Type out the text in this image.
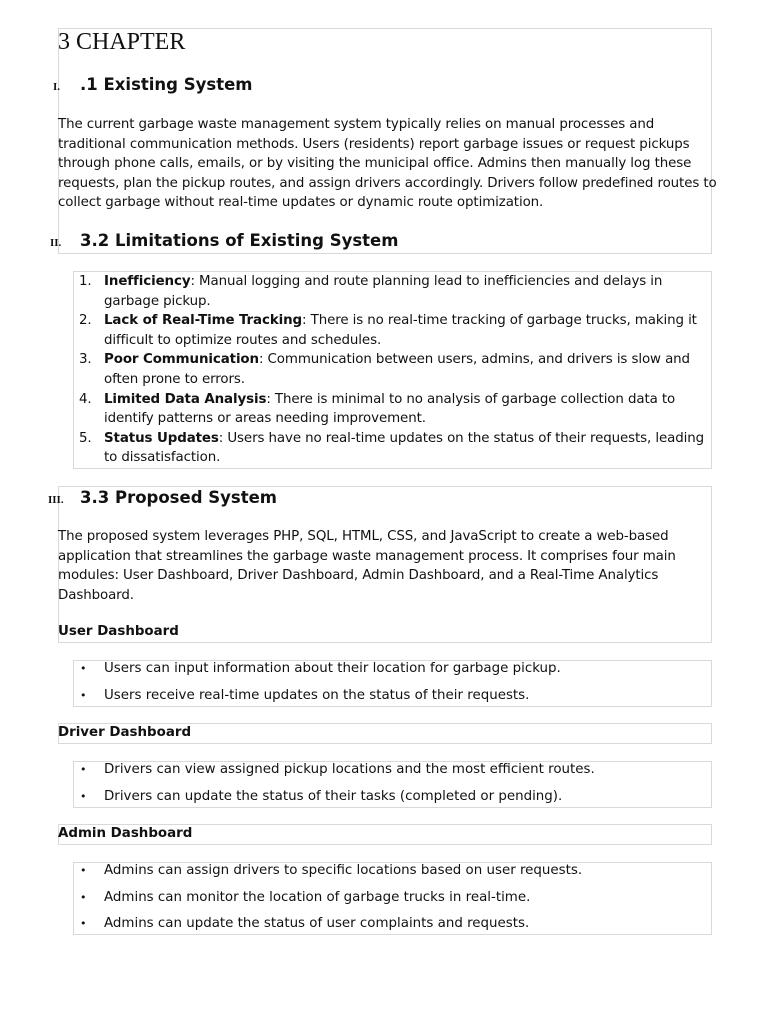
3 CHAPTER
I. .1 Existing System

The current garbage waste management system typically relies on manual processes and traditional communication methods. Users (residents) report garbage issues or request pickups through phone calls, emails, or by visiting the municipal office. Admins then manually log these requests, plan the pickup routes, and assign drivers accordingly. Drivers follow predefined routes to collect garbage without real-time updates or dynamic route optimization.

II. 3.2 Limitations of Existing System
1. Inefficiency: Manual logging and route planning lead to inefficiencies and delays in garbage pickup.
2. Lack of Real-Time Tracking: There is no real-time tracking of garbage trucks, making it difficult to optimize routes and schedules.
3. Poor Communication: Communication between users, admins, and drivers is slow and often prone to errors.
4. Limited Data Analysis: There is minimal to no analysis of garbage collection data to identify patterns or areas needing improvement.
5. Status Updates: Users have no real-time updates on the status of their requests, leading to dissatisfaction.
III. 3.3 Proposed System

The proposed system leverages PHP, SQL, HTML, CSS, and JavaScript to create a web-based application that streamlines the garbage waste management process. It comprises four main modules: User Dashboard, Driver Dashboard, Admin Dashboard, and a Real-Time Analytics Dashboard.

User Dashboard
• Users can input information about their location for garbage pickup.
• Users receive real-time updates on the status of their requests.
Driver Dashboard
• Drivers can view assigned pickup locations and the most efficient routes.
• Drivers can update the status of their tasks (completed or pending).
Admin Dashboard
• Admins can assign drivers to specific locations based on user requests.
• Admins can monitor the location of garbage trucks in real-time.
• Admins can update the status of user complaints and requests.
